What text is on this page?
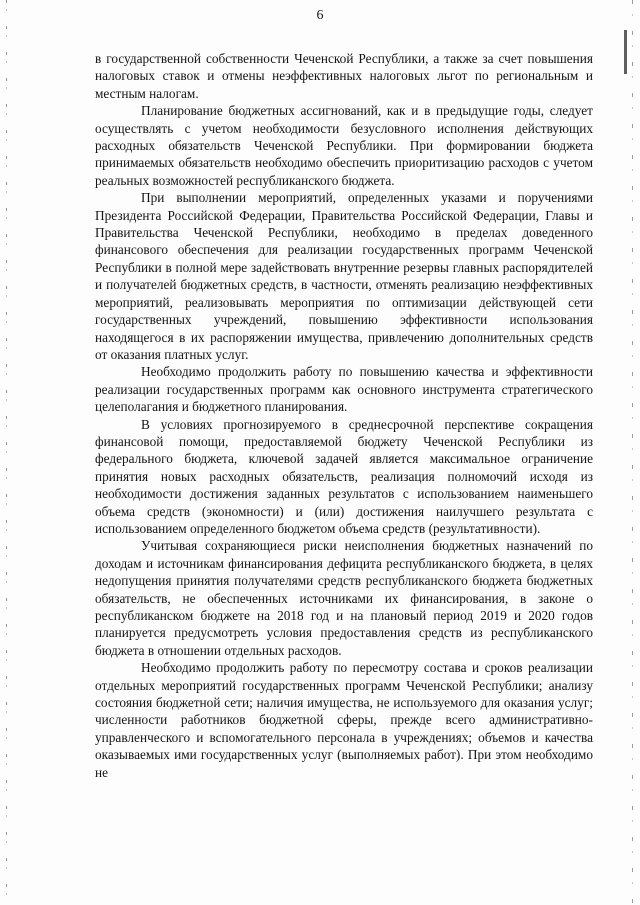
6

в государственной собственности Чеченской Республики, а также за счет повышения налоговых ставок и отмены неэффективных налоговых льгот по региональным и местным налогам.

Планирование бюджетных ассигнований, как и в предыдущие годы, следует осуществлять с учетом необходимости безусловного исполнения действующих расходных обязательств Чеченской Республики. При формировании бюджета принимаемых обязательств необходимо обеспечить приоритизацию расходов с учетом реальных возможностей республиканского бюджета.

При выполнении мероприятий, определенных указами и поручениями Президента Российской Федерации, Правительства Российской Федерации, Главы и Правительства Чеченской Республики, необходимо в пределах доведенного финансового обеспечения для реализации государственных программ Чеченской Республики в полной мере задействовать внутренние резервы главных распорядителей и получателей бюджетных средств, в частности, отменять реализацию неэффективных мероприятий, реализовывать мероприятия по оптимизации действующей сети государственных учреждений, повышению эффективности использования находящегося в их распоряжении имущества, привлечению дополнительных средств от оказания платных услуг.

Необходимо продолжить работу по повышению качества и эффективности реализации государственных программ как основного инструмента стратегического целеполагания и бюджетного планирования.

В условиях прогнозируемого в среднесрочной перспективе сокращения финансовой помощи, предоставляемой бюджету Чеченской Республики из федерального бюджета, ключевой задачей является максимальное ограничение принятия новых расходных обязательств, реализация полномочий исходя из необходимости достижения заданных результатов с использованием наименьшего объема средств (экономности) и (или) достижения наилучшего результата с использованием определенного бюджетом объема средств (результативности).

Учитывая сохраняющиеся риски неисполнения бюджетных назначений по доходам и источникам финансирования дефицита республиканского бюджета, в целях недопущения принятия получателями средств республиканского бюджета бюджетных обязательств, не обеспеченных источниками их финансирования, в законе о республиканском бюджете на 2018 год и на плановый период 2019 и 2020 годов планируется предусмотреть условия предоставления средств из республиканского бюджета в отношении отдельных расходов.

Необходимо продолжить работу по пересмотру состава и сроков реализации отдельных мероприятий государственных программ Чеченской Республики; анализу состояния бюджетной сети; наличия имущества, не используемого для оказания услуг; численности работников бюджетной сферы, прежде всего административно-управленческого и вспомогательного персонала в учреждениях; объемов и качества оказываемых ими государственных услуг (выполняемых работ). При этом необходимо не
